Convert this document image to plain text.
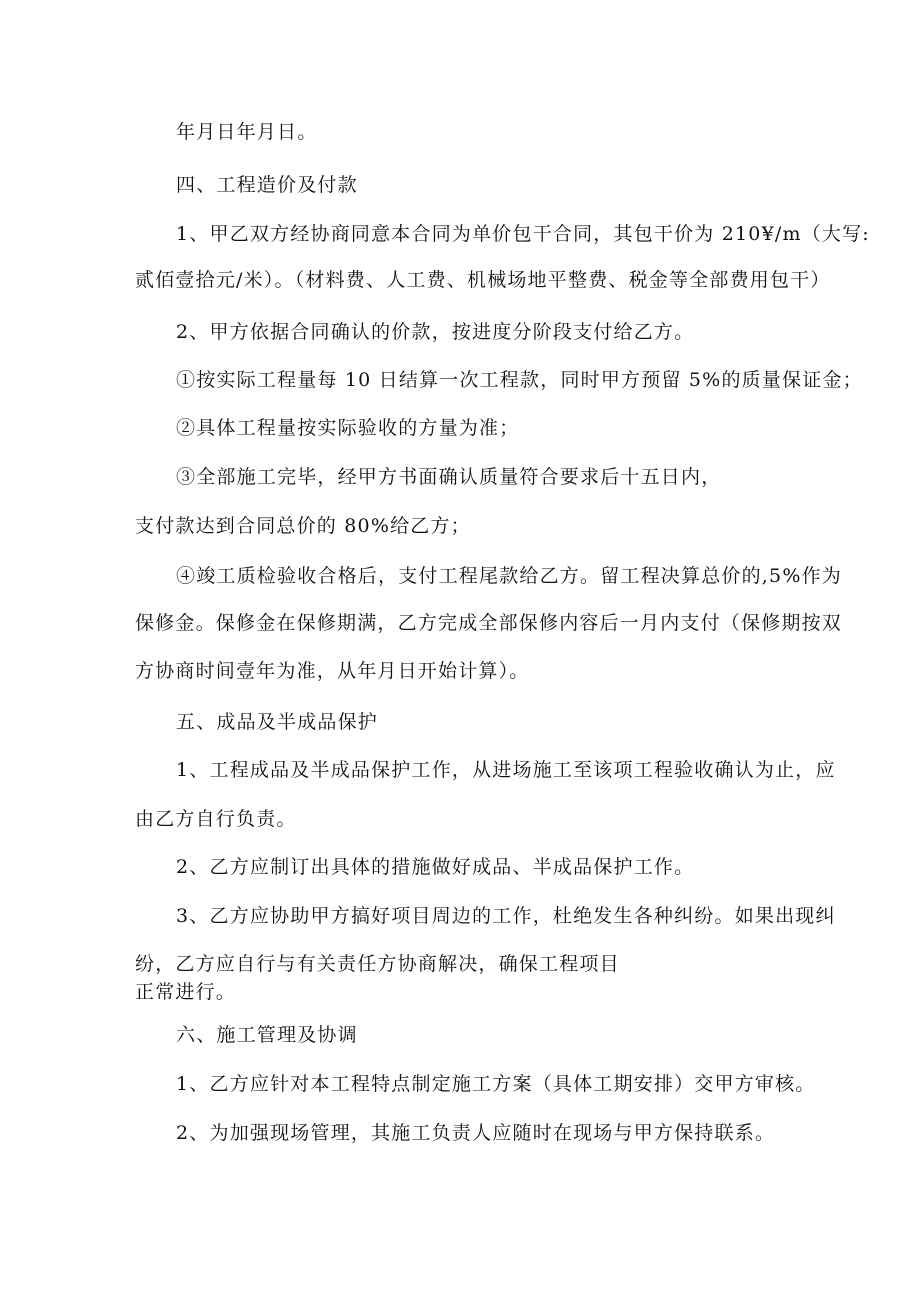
年月日年月日。
四、工程造价及付款
1、甲乙双方经协商同意本合同为单价包干合同，其包干价为 210¥/m（大写:
贰佰壹拾元/米）。（材料费、人工费、机械场地平整费、税金等全部费用包干）
2、甲方依据合同确认的价款，按进度分阶段支付给乙方。
①按实际工程量每 10 日结算一次工程款，同时甲方预留 5%的质量保证金；
②具体工程量按实际验收的方量为准；
③全部施工完毕，经甲方书面确认质量符合要求后十五日内，
支付款达到合同总价的 80%给乙方；
④竣工质检验收合格后，支付工程尾款给乙方。留工程决算总价的,5%作为
保修金。保修金在保修期满，乙方完成全部保修内容后一月内支付（保修期按双
方协商时间壹年为准，从年月日开始计算）。
五、成品及半成品保护
1、工程成品及半成品保护工作，从进场施工至该项工程验收确认为止，应
由乙方自行负责。
2、乙方应制订出具体的措施做好成品、半成品保护工作。
3、乙方应协助甲方搞好项目周边的工作，杜绝发生各种纠纷。如果出现纠
纷，乙方应自行与有关责任方协商解决，确保工程项目
正常进行。
六、施工管理及协调
1、乙方应针对本工程特点制定施工方案（具体工期安排）交甲方审核。
2、为加强现场管理，其施工负责人应随时在现场与甲方保持联系。
